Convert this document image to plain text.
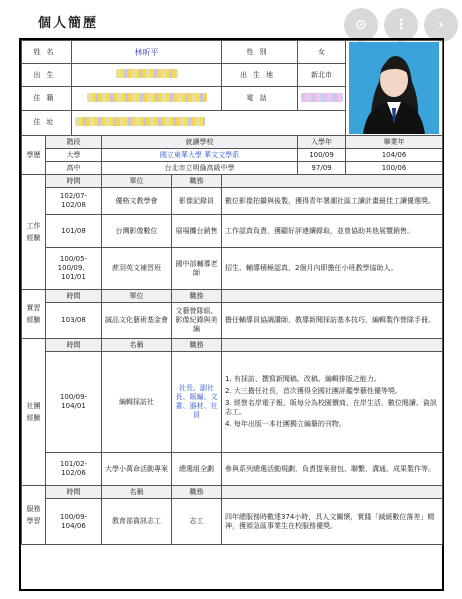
個人簡歷	⊙	⋮	›
姓名		林昕平			性別	女	

出生					出生地	新北市	
住籍					電話		
住址							
學歷	階段		就讀學校			入學年	畢業年
	大學		國立東華大學 華文文學系			100/09	104/06
	高中		台北市立明倫高級中學			97/09	100/06
工作經驗	時間		單位	職務			
	102/07-102/08		優格文教學會	影像記錄員	數位影像拍攝與後製，獲得青年署潮社區工讀計畫最佳工讀優選獎。		
	101/08		台灣影像數位	展場攤台銷售	工作認真負責，獲顧好評連續錄取，並曾協助其他展覽銷售。		
	100/05-100/09、101/01		蔗羽英文補習班	國中部輔導老師	招生、輔導積極認真，2個月內即擔任小班教學協助人。		
實習經驗	時間		單位	職務			
	103/08		誠品文化藝術基金會	文藝營隊組、影像紀錄與美編	擔任輔導員協調講師，教導新聞採訪基本技巧，編輯製作營隊手冊。		
社團經驗	時間		名稱	職務			
	100/09-104/01		編輯採訪社	社長、副社長、販編、文書、器材、社員	1. 有採訪、撰寫新聞稿、改稿、編輯排版之能力。
2. 大三擔任社長，首次獲得全國社團評鑑學藝性優等獎。
3. 經營名岸電子報，販每分為校園價商、在岸生活、數位閱讀、資訊志工。
4. 每年出版一本社團獨立編纂的刊物。		

	101/02-102/06		大學小萬命活動專案	總選組全劃	參與系列總選活動規劃，負責提案發包、聯繫、溝通、成果製作等。		
服務學習	時間		名稱	職務			
	100/09-104/06		教育部資訊志工	志工	四年總服務時數達374小時，具人文關懷，實踐「減緩數位落差」精神，獲頒急區事業生在校服務優獎。		
